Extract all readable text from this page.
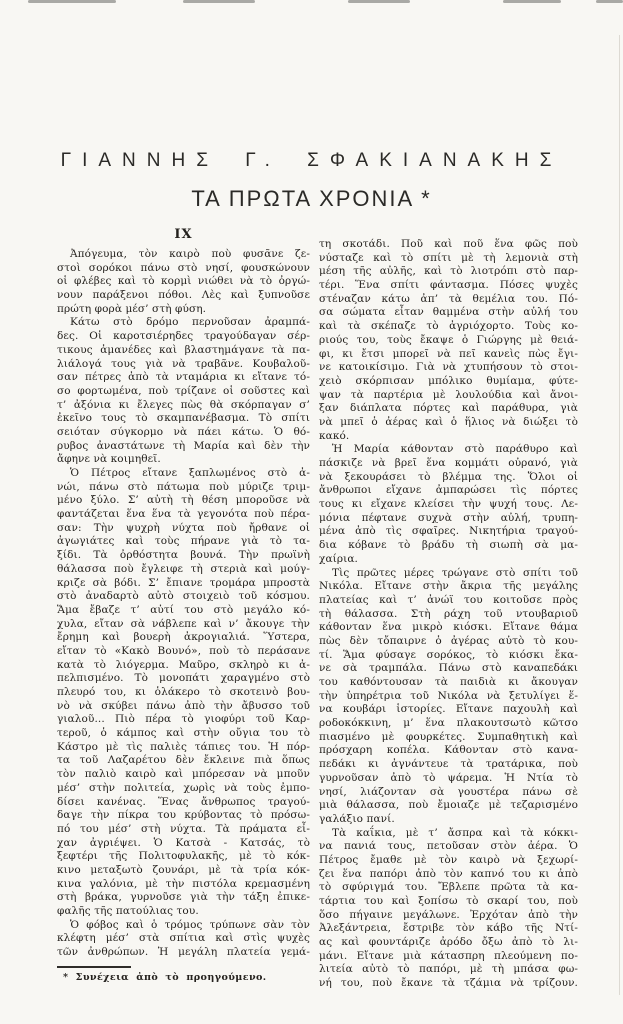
ΓΙΑΝΝΗΣ Γ. ΣΦΑΚΙΑΝΑΚΗΣ
ΤΑ ΠΡΩΤΑ ΧΡΟΝΙΑ *
IX
Ἀπόγευμα, τὸν καιρὸ ποὺ φυσᾶνε ζε-
στοὶ σορόκοι πάνω στὸ νησί, φουσκώνουν
οἱ φλέβες καὶ τὸ κορμὶ νιώθει νὰ τὸ ὀργώ-
νουν παράξενοι πόθοι. Λὲς καὶ ξυπνοῦσε
πρώτη φορὰ μέσ’ στὴ φύση.
Κάτω στὸ δρόμο περνοῦσαν ἀραμπά-
δες. Οἱ καροτσιέρηδες τραγούδαγαν σέρ-
τικους ἀμανέδες καὶ βλαστημάγανε τὰ πα-
λιάλογά τους γιὰ νὰ τραβᾶνε. Κουβαλοῦ-
σαν πέτρες ἀπὸ τὰ νταμάρια κι εἴτανε τό-
σο φορτωμένα, ποὺ τρίζανε οἱ σοῦστες καὶ
τ’ ἀξόνια κι ἔλεγες πὼς θὰ σκόρπαγαν σ’
ἐκεῖνο τους τὸ σκαμπανέβασμα. Τὸ σπίτι
σειόταν σύγκορμο νὰ πάει κάτω. Ὁ θό-
ρυβος ἀναστάτωνε τὴ Μαρία καὶ δὲν τὴν
ἄφηνε νὰ κοιμηθεῖ.
Ὁ Πέτρος εἴτανε ξαπλωμένος στὸ ἀ-
νώι, πάνω στὸ πάτωμα ποὺ μύριζε τριμ-
μένο ξύλο. Σ’ αὐτὴ τὴ θέση μποροῦσε νὰ
φαντάζεται ἕνα ἕνα τὰ γεγονότα ποὺ πέρα-
σαν: Τὴν ψυχρὴ νύχτα ποὺ ἤρθανε οἱ
ἀγωγιάτες καὶ τοὺς πήρανε γιὰ τὸ τα-
ξίδι. Τὰ ὀρθόστητα βουνά. Τὴν πρωϊνὴ
θάλασσα ποὺ ἔγλειφε τὴ στεριὰ καὶ μούγ-
κριζε σὰ βόδι. Σ’ ἔπιανε τρομάρα μπροστὰ
στὸ ἀναδαρτὸ αὐτὸ στοιχειὸ τοῦ κόσμου.
Ἅμα ἔβαζε τ’ αὐτί του στὸ μεγάλο κό-
χυλα, εἴταν σὰ νάβλεπε καὶ ν’ ἄκουγε τὴν
ἔρημη καὶ βουερὴ ἀκρογιαλιά. Ὕστερα,
εἴταν τὸ «Κακὸ Βουνό», ποὺ τὸ περάσανε
κατὰ τὸ λιόγερμα. Μαῦρο, σκληρὸ κι ἀ-
πελπισμένο. Τὸ μονοπάτι χαραγμένο στὸ
πλευρό του, κι ὁλάκερο τὸ σκοτεινὸ βου-
νὸ νὰ σκύβει πάνω ἀπὸ τὴν ἄβυσσο τοῦ
γιαλοῦ... Πιὸ πέρα τὸ γιοφύρι τοῦ Καρ-
τεροῦ, ὁ κάμπος καὶ στὴν οὔγια του τὸ
Κάστρο μὲ τὶς παλιὲς τάπιες του. Ἡ πόρ-
τα τοῦ Λαζαρέτου δὲν ἔκλεινε πιὰ ὅπως
τὸν παλιὸ καιρὸ καὶ μπόρεσαν νὰ μποῦν
μέσ’ στὴν πολιτεία, χωρὶς νὰ τοὺς ἐμπο-
δίσει κανένας. Ἕνας ἄνθρωπος τραγού-
δαγε τὴν πίκρα του κρύβοντας τὸ πρόσω-
πό του μέσ’ στὴ νύχτα. Τὰ πράματα εἶ-
χαν ἀγριέψει. Ὁ Κατσὰ - Κατσάς, τὸ
ξεφτέρι τῆς Πολιτοφυλακῆς, μὲ τὸ κόκ-
κινο μεταξωτὸ ζουνάρι, μὲ τὰ τρία κόκ-
κινα γαλόνια, μὲ τὴν πιστόλα κρεμασμένη
στὴ βράκα, γυρνοῦσε γιὰ τὴν τάξη ἐπικε-
φαλῆς τῆς πατούλιας του.
Ὁ φόβος καὶ ὁ τρόμος τρύπωνε σὰν τὸν
κλέφτη μέσ’ στὰ σπίτια καὶ στὶς ψυχὲς
τῶν ἀνθρώπων. Ἡ μεγάλη πλατεία γεμά-
* Συνέχεια ἀπὸ τὸ προηγούμενο.
τη σκοτάδι. Ποῦ καὶ ποῦ ἕνα φῶς ποὺ
νύσταζε καὶ τὸ σπίτι μὲ τὴ λεμονιὰ στὴ
μέση τῆς αὐλῆς, καὶ τὸ λιοτρόπι στὸ παρ-
τέρι. Ἕνα σπίτι φάντασμα. Πόσες ψυχὲς
στέναζαν κάτω ἀπ’ τὰ θεμέλια του. Πό-
σα σώματα εἶταν θαμμένα στὴν αὐλή του
καὶ τὰ σκέπαζε τὸ ἀγριόχορτο. Τοὺς κο-
ριούς του, τοὺς ἔκαψε ὁ Γιώργης μὲ θειά-
φι, κι ἔτσι μπορεῖ νὰ πεῖ κανεὶς πὼς ἔγι-
νε κατοικίσιμο. Γιὰ νὰ χτυπήσουν τὸ στοι-
χειὸ σκόρπισαν μπόλικο θυμίαμα, φύτε-
ψαν τὰ παρτέρια μὲ λουλούδια καὶ ἄνοι-
ξαν διάπλατα πόρτες καὶ παράθυρα, γιὰ
νὰ μπεῖ ὁ ἀέρας καὶ ὁ ἥλιος νὰ διώξει τὸ
κακό.
Ἡ Μαρία κάθονταν στὸ παράθυρο καὶ
πάσκιζε νὰ βρεῖ ἕνα κομμάτι οὐρανό, γιὰ
νὰ ξεκουράσει τὸ βλέμμα της. Ὅλοι οἱ
ἄνθρωποι εἴχανε ἀμπαρώσει τὶς πόρτες
τους κι εἴχανε κλείσει τὴν ψυχή τους. Λε-
μόνια πέφτανε συχνὰ στὴν αὐλή, τρυπη-
μένα ἀπὸ τὶς σφαῖρες. Νικητήρια τραγού-
δια κόβανε τὸ βράδυ τὴ σιωπὴ σὰ μα-
χαίρια.
Τὶς πρῶτες μέρες τρώγανε στὸ σπίτι τοῦ
Νικόλα. Εἴτανε στὴν ἄκρια τῆς μεγάλης
πλατείας καὶ τ’ ἀνώϊ του κοιτοῦσε πρὸς
τὴ θάλασσα. Στὴ ράχη τοῦ ντουβαριοῦ
κάθονταν ἕνα μικρὸ κιόσκι. Εἴτανε θάμα
πὼς δὲν τὄπαιρνε ὁ ἀγέρας αὐτὸ τὸ κου-
τί. Ἅμα φύσαγε σορόκος, τὸ κιόσκι ἔκα-
νε σὰ τραμπάλα. Πάνω στὸ καναπεδάκι
του καθόντουσαν τὰ παιδιὰ κι ἄκουγαν
τὴν ὑπηρέτρια τοῦ Νικόλα νὰ ξετυλίγει ἕ-
να κουβάρι ἱστορίες. Εἴτανε παχουλὴ καὶ
ροδοκόκκινη, μ’ ἕνα πλακουτσωτὸ κῶτσο
πιασμένο μὲ φουρκέτες. Συμπαθητικὴ καὶ
πρόσχαρη κοπέλα. Κάθονταν στὸ κανα-
πεδάκι κι ἀγνάντευε τὰ τρατάρικα, ποὺ
γυρνοῦσαν ἀπὸ τὸ ψάρεμα. Ἡ Ντία τὸ
νησί, λιάζονταν σὰ γουστέρα πάνω σὲ
μιὰ θάλασσα, ποὺ ἔμοιαζε μὲ τεζαρισμένο
γαλάξιο πανί.
Τὰ καΐκια, μὲ τ’ ἄσπρα καὶ τὰ κόκκι-
να πανιά τους, πετοῦσαν στὸν ἀέρα. Ὁ
Πέτρος ἔμαθε μὲ τὸν καιρὸ νὰ ξεχωρί-
ζει ἕνα παπόρι ἀπὸ τὸν καπνό του κι ἀπὸ
τὸ σφύριγμά του. Ἔβλεπε πρῶτα τὰ κα-
τάρτια του καὶ ξοπίσω τὸ σκαρί του, ποὺ
ὅσο πήγαινε μεγάλωνε. Ἐρχόταν ἀπὸ τὴν
Ἀλεξάντρεια, ἔστριβε τὸν κάβο τῆς Ντί-
ας καὶ φουντάριζε ἀρόδο ὄξω ἀπὸ τὸ λι-
μάνι. Εἴτανε μιὰ κάτασπρη πλεούμενη πο-
λιτεία αὐτὸ τὸ παπόρι, μὲ τὴ μπάσα φω-
νή του, ποὺ ἔκανε τὰ τζάμια νὰ τρίζουν.
